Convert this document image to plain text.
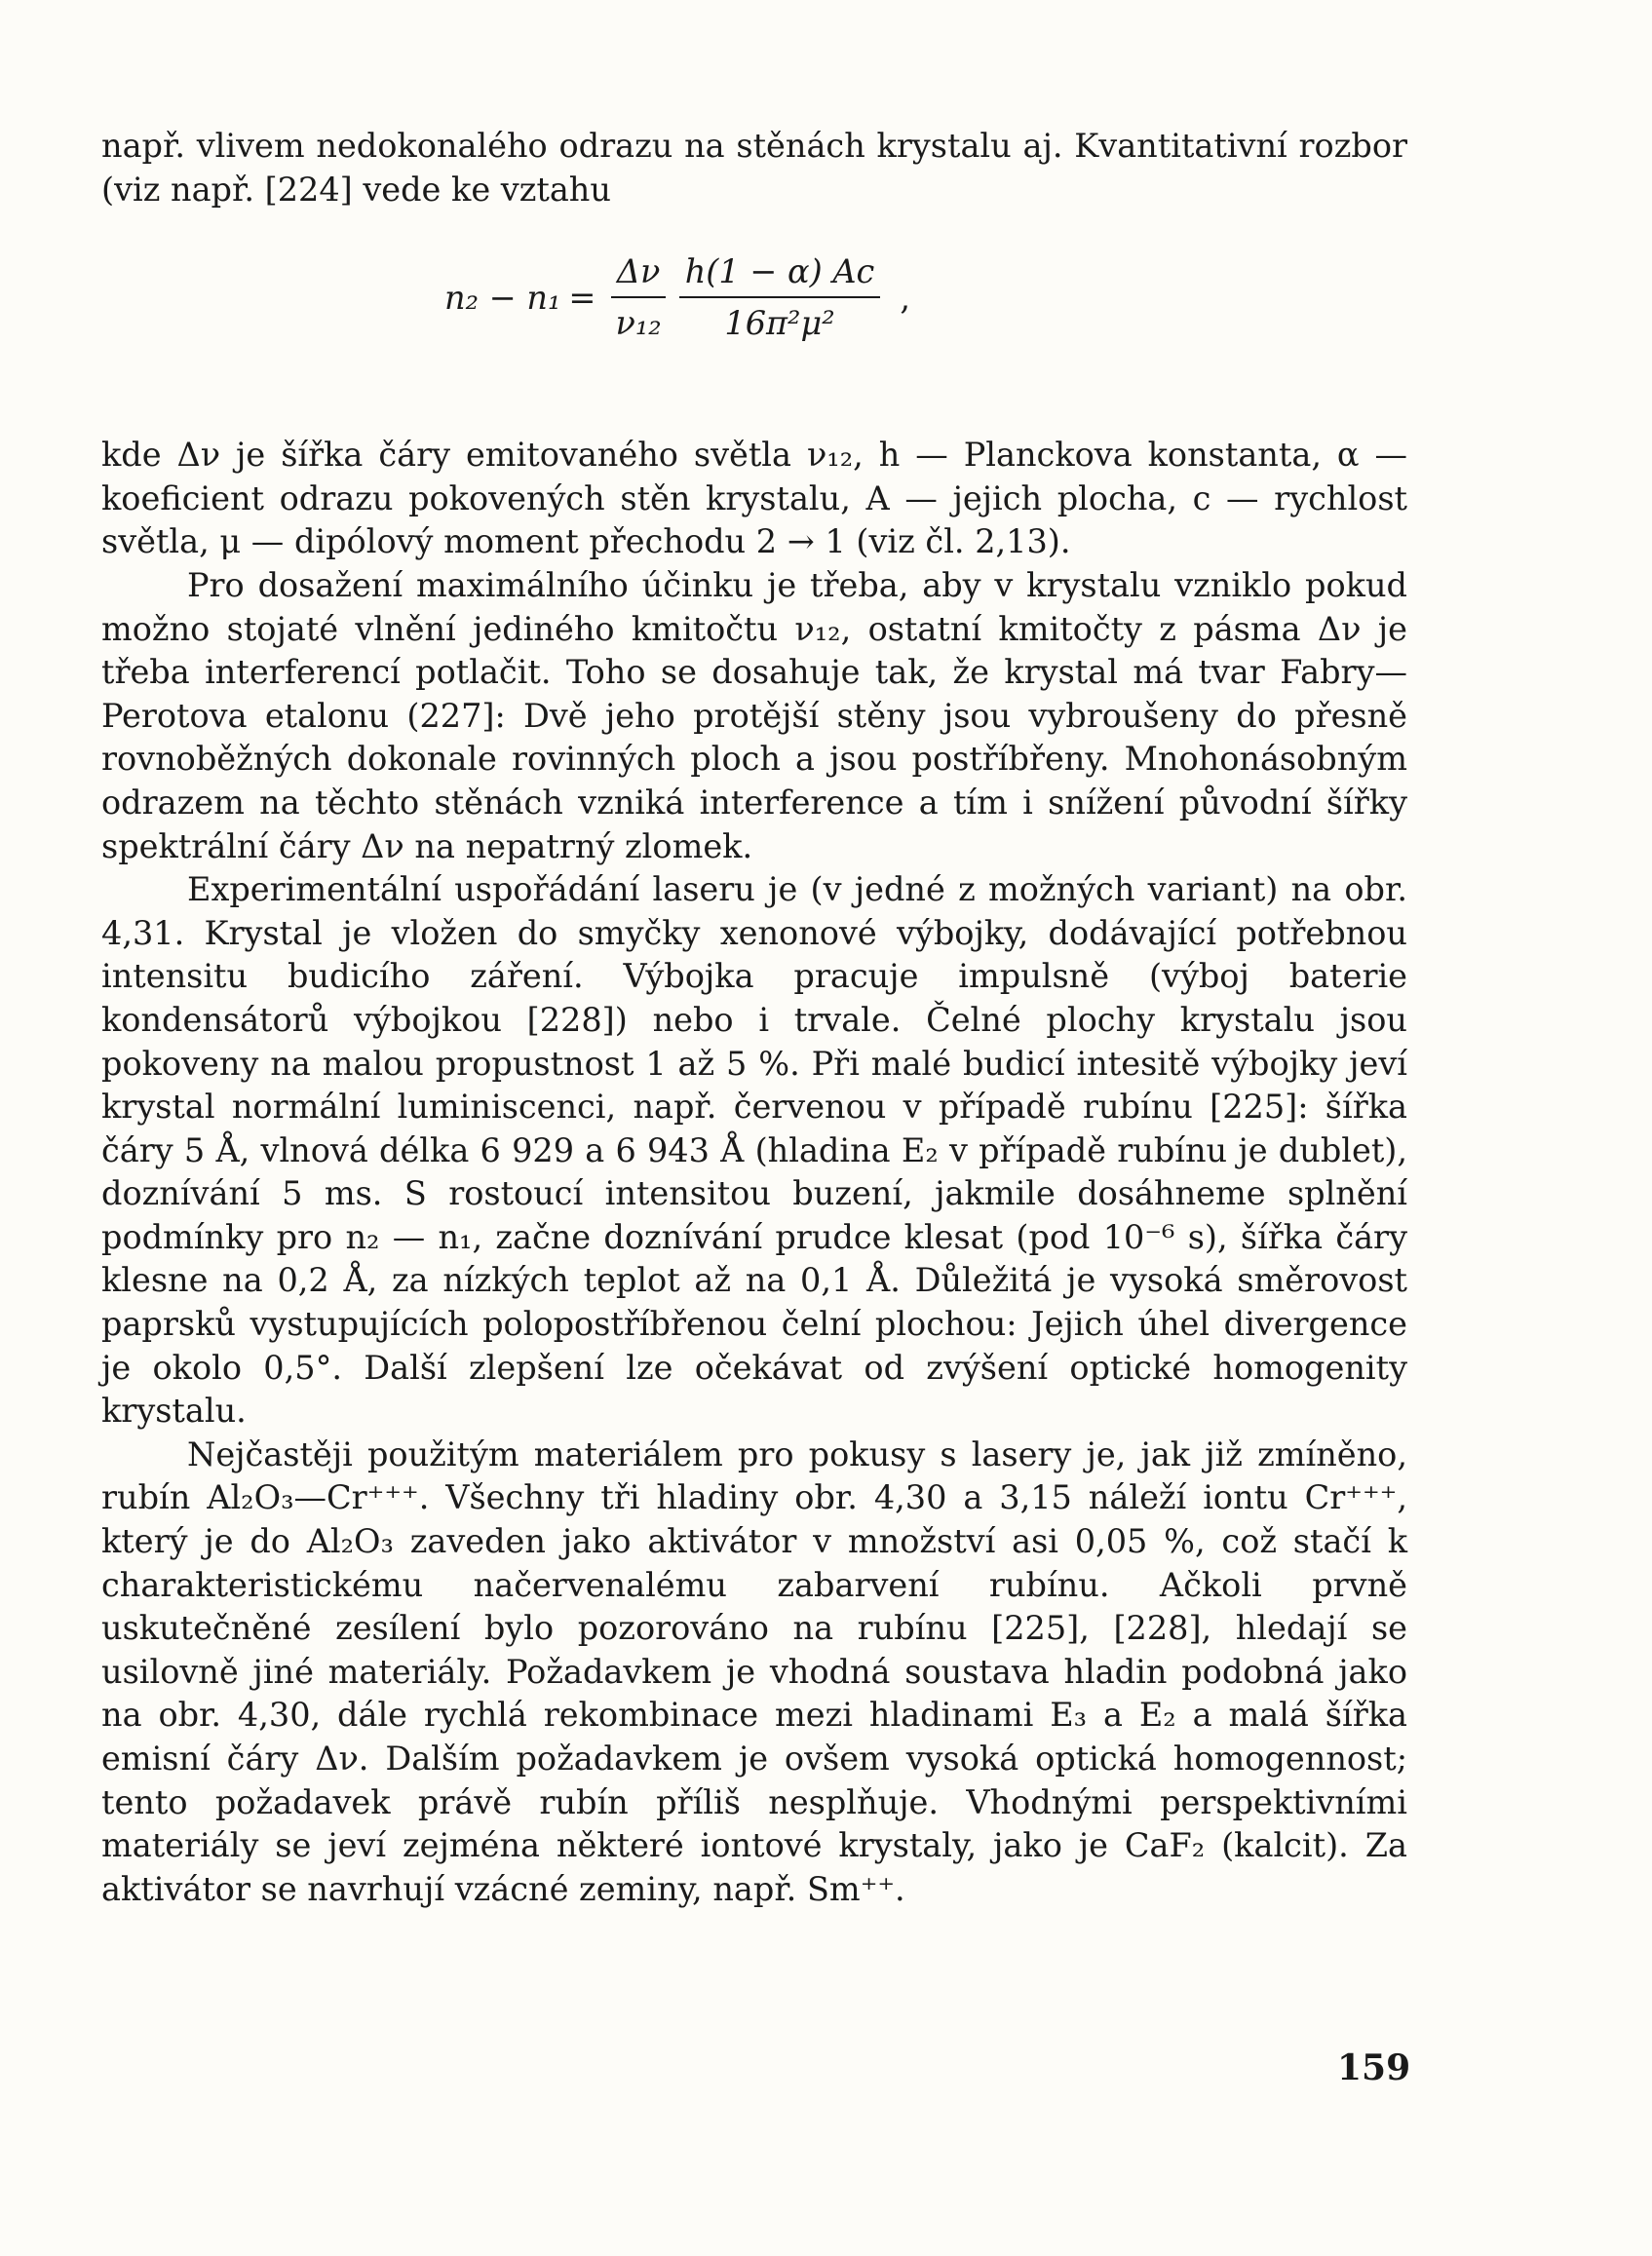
např. vlivem nedokonalého odrazu na stěnách krystalu aj. Kvantitativní rozbor (viz např. [224] vede ke vztahu

$n_2 - n_1 = \frac{\Delta\nu}{\text{ν₁₂}} \frac{h(1 - \alpha) Ac}{\text{16π²μ²}}$ ,

kde Δν je šířka čáry emitovaného světla ν₁₂, h — Planckova konstanta, α — koeficient odrazu pokovených stěn krystalu, A — jejich plocha, c — rychlost světla, μ — dipólový moment přechodu 2 → 1 (viz čl. 2,13).

Pro dosažení maximálního účinku je třeba, aby v krystalu vzniklo pokud možno stojaté vlnění jediného kmitočtu ν₁₂, ostatní kmitočty z pásma Δν je třeba interferencí potlačit. Toho se dosahuje tak, že krystal má tvar Fabry—Perotova etalonu (227]: Dvě jeho protější stěny jsou vybroušeny do přesně rovnoběžných dokonale rovinných ploch a jsou postříbřeny. Mnohonásobným odrazem na těchto stěnách vzniká interference a tím i snížení původní šířky spektrální čáry Δν na nepatrný zlomek.

Experimentální uspořádání laseru je (v jedné z možných variant) na obr. 4,31. Krystal je vložen do smyčky xenonové výbojky, dodávající potřebnou intensitu budicího záření. Výbojka pracuje impulsně (výboj baterie kondensátorů výbojkou [228]) nebo i trvale. Čelné plochy krystalu jsou pokoveny na malou propustnost 1 až 5 %. Při malé budicí intesitě výbojky jeví krystal normální luminiscenci, např. červenou v případě rubínu [225]: šířka čáry 5 Å, vlnová délka 6 929 a 6 943 Å (hladina E₂ v případě rubínu je dublet), doznívání 5 ms. S rostoucí intensitou buzení, jakmile dosáhneme splnění podmínky pro n₂ — n₁, začne doznívání prudce klesat (pod 10⁻⁶ s), šířka čáry klesne na 0,2 Å, za nízkých teplot až na 0,1 Å. Důležitá je vysoká směrovost paprsků vystupujících polopostříbřenou čelní plochou: Jejich úhel divergence je okolo 0,5°. Další zlepšení lze očekávat od zvýšení optické homogenity krystalu.

Nejčastěji použitým materiálem pro pokusy s lasery je, jak již zmíněno, rubín Al₂O₃—Cr⁺⁺⁺. Všechny tři hladiny obr. 4,30 a 3,15 náleží iontu Cr⁺⁺⁺, který je do Al₂O₃ zaveden jako aktivátor v množství asi 0,05 %, což stačí k charakteristickému načervenalému zabarvení rubínu. Ačkoli prvně uskutečněné zesílení bylo pozorováno na rubínu [225], [228], hledají se usilovně jiné materiály. Požadavkem je vhodná soustava hladin podobná jako na obr. 4,30, dále rychlá rekombinace mezi hladinami E₃ a E₂ a malá šířka emisní čáry Δν. Dalším požadavkem je ovšem vysoká optická homogennost; tento požadavek právě rubín příliš nesplňuje. Vhodnými perspektivními materiály se jeví zejména některé iontové krystaly, jako je CaF₂ (kalcit). Za aktivátor se navrhují vzácné zeminy, např. Sm⁺⁺.

159
